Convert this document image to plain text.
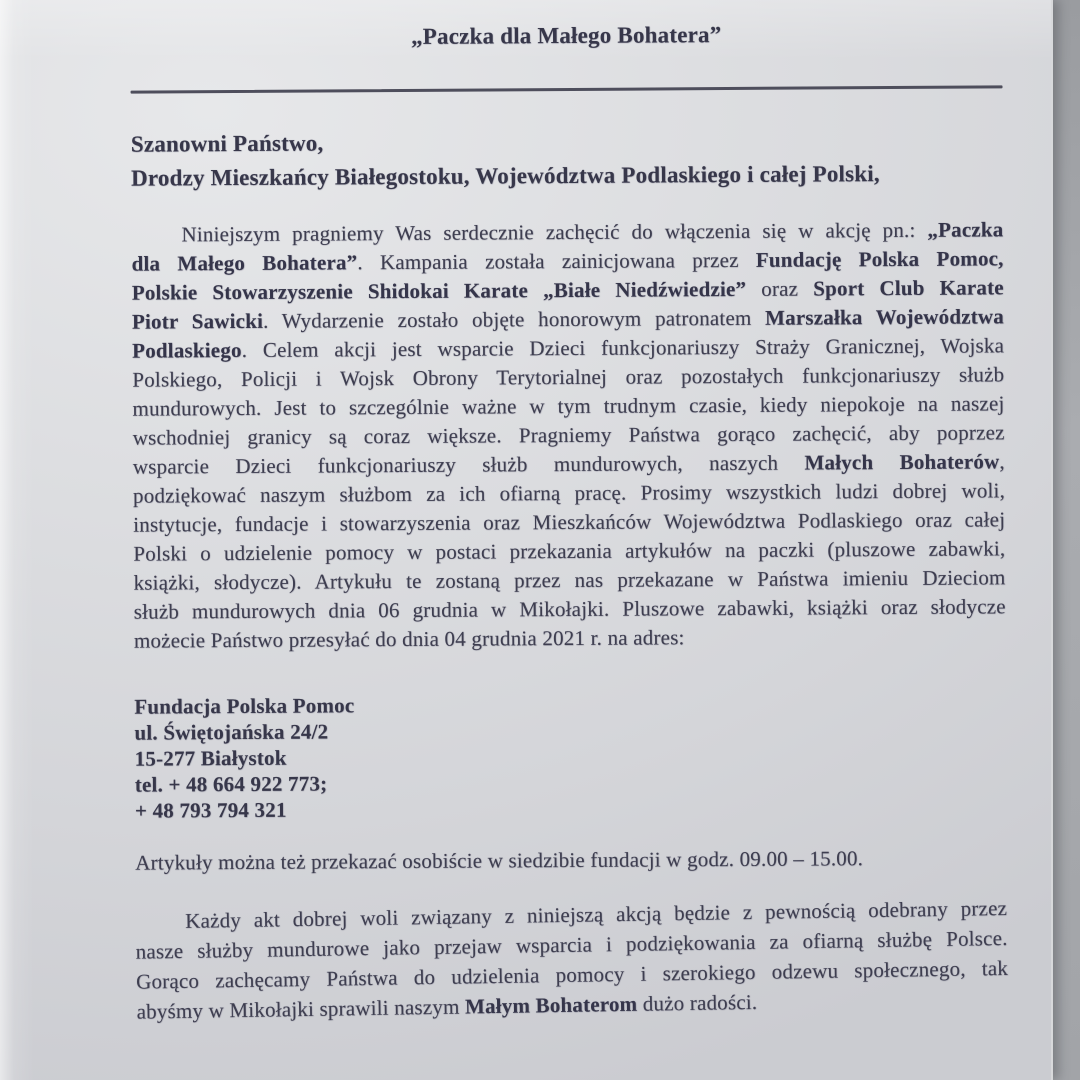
„Paczka dla Małego Bohatera”
Szanowni Państwo,
Drodzy Mieszkańcy Białegostoku, Województwa Podlaskiego i całej Polski,
Niniejszym pragniemy Was serdecznie zachęcić do włączenia się w akcję pn.: „Paczka
dla Małego Bohatera”. Kampania została zainicjowana przez Fundację Polska Pomoc,
Polskie Stowarzyszenie Shidokai Karate „Białe Niedźwiedzie” oraz Sport Club Karate
Piotr Sawicki. Wydarzenie zostało objęte honorowym patronatem Marszałka Województwa
Podlaskiego. Celem akcji jest wsparcie Dzieci funkcjonariuszy Straży Granicznej, Wojska
Polskiego, Policji i Wojsk Obrony Terytorialnej oraz pozostałych funkcjonariuszy służb
mundurowych. Jest to szczególnie ważne w tym trudnym czasie, kiedy niepokoje na naszej
wschodniej granicy są coraz większe. Pragniemy Państwa gorąco zachęcić, aby poprzez
wsparcie Dzieci funkcjonariuszy służb mundurowych, naszych Małych Bohaterów,
podziękować naszym służbom za ich ofiarną pracę. Prosimy wszystkich ludzi dobrej woli,
instytucje, fundacje i stowarzyszenia oraz Mieszkańców Województwa Podlaskiego oraz całej
Polski o udzielenie pomocy w postaci przekazania artykułów na paczki (pluszowe zabawki,
książki, słodycze). Artykułu te zostaną przez nas przekazane w Państwa imieniu Dzieciom
służb mundurowych dnia 06 grudnia w Mikołajki. Pluszowe zabawki, książki oraz słodycze
możecie Państwo przesyłać do dnia 04 grudnia 2021 r. na adres:
Fundacja Polska Pomoc
ul. Świętojańska 24/2
15-277 Białystok
tel. + 48 664 922 773;
+ 48 793 794 321
Artykuły można też przekazać osobiście w siedzibie fundacji w godz. 09.00 – 15.00.
Każdy akt dobrej woli związany z niniejszą akcją będzie z pewnością odebrany przez
nasze służby mundurowe jako przejaw wsparcia i podziękowania za ofiarną służbę Polsce.
Gorąco zachęcamy Państwa do udzielenia pomocy i szerokiego odzewu społecznego, tak
abyśmy w Mikołajki sprawili naszym Małym Bohaterom dużo radości.
